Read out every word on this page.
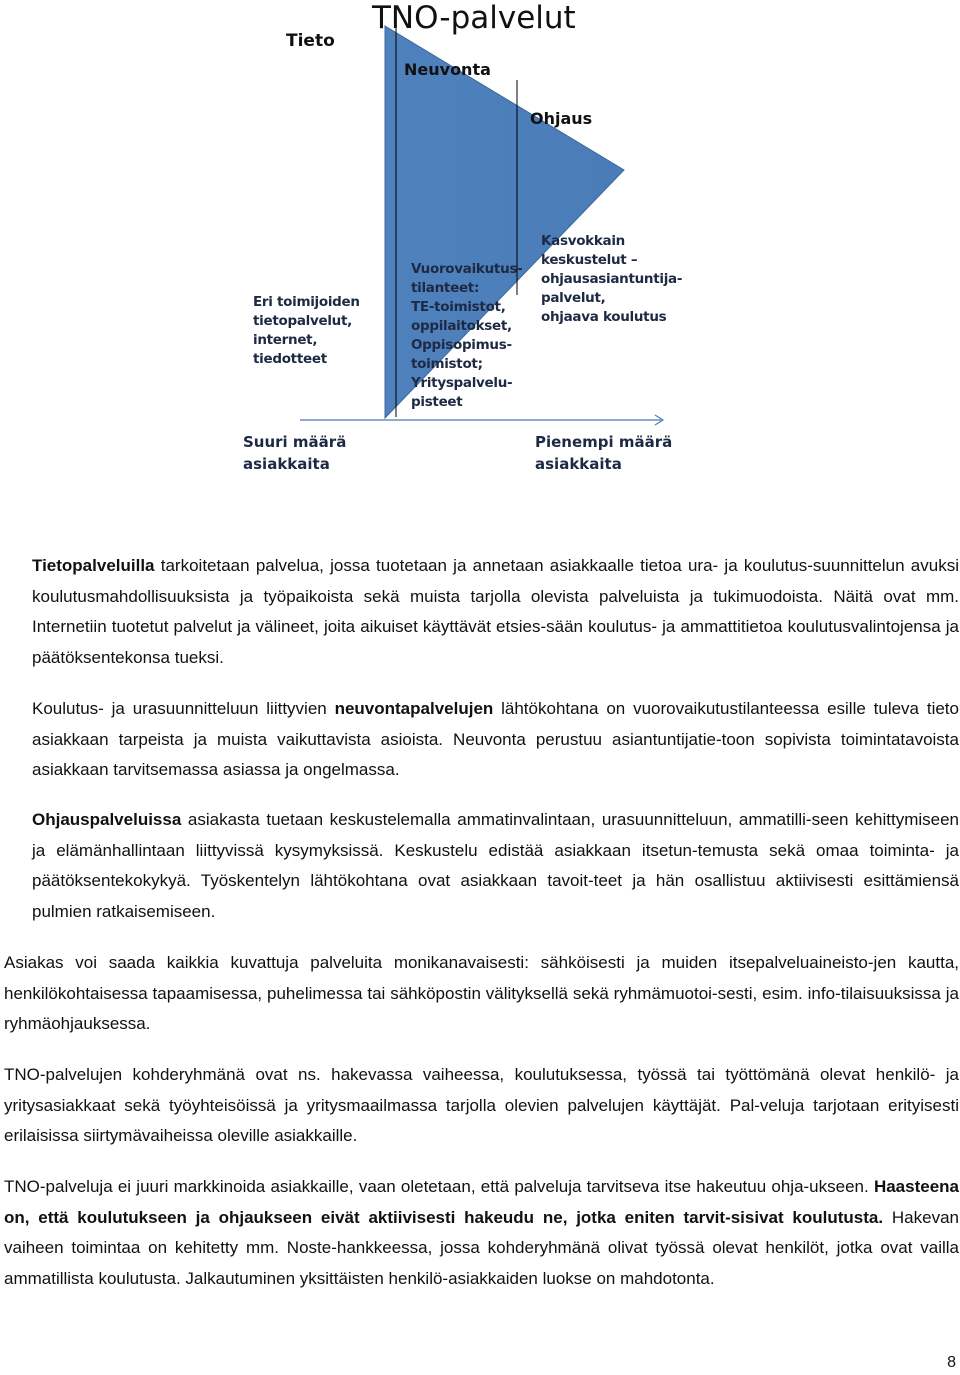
TNO-palvelut
Tieto
Neuvonta
Ohjaus
Eri toimijoiden
tietopalvelut,
internet,
tiedotteet
Vuorovaikutus-
tilanteet:
TE-toimistot,
oppilaitokset,
Oppisopimus-
toimistot;
Yrityspalvelu-
pisteet
Kasvokkain
keskustelut –
ohjausasiantuntija-
palvelut,
ohjaava koulutus
Suuri määrä
asiakkaita
Pienempi määrä
asiakkaita

Tietopalveluilla tarkoitetaan palvelua, jossa tuotetaan ja annetaan asiakkaalle tietoa ura- ja koulutus-suunnittelun avuksi koulutusmahdollisuuksista ja työpaikoista sekä muista tarjolla olevista palveluista ja tukimuodoista. Näitä ovat mm. Internetiin tuotetut palvelut ja välineet, joita aikuiset käyttävät etsies-sään koulutus- ja ammattitietoa koulutusvalintojensa ja päätöksentekonsa tueksi.

Koulutus- ja urasuunnitteluun liittyvien neuvontapalvelujen lähtökohtana on vuorovaikutustilanteessa esille tuleva tieto asiakkaan tarpeista ja muista vaikuttavista asioista. Neuvonta perustuu asiantuntijatie-toon sopivista toimintatavoista asiakkaan tarvitsemassa asiassa ja ongelmassa.

Ohjauspalveluissa asiakasta tuetaan keskustelemalla ammatinvalintaan, urasuunnitteluun, ammatilli-seen kehittymiseen ja elämänhallintaan liittyvissä kysymyksissä. Keskustelu edistää asiakkaan itsetun-temusta sekä omaa toiminta- ja päätöksentekokykyä. Työskentelyn lähtökohtana ovat asiakkaan tavoit-teet ja hän osallistuu aktiivisesti esittämiensä pulmien ratkaisemiseen.

Asiakas voi saada kaikkia kuvattuja palveluita monikanavaisesti: sähköisesti ja muiden itsepalveluaineisto-jen kautta, henkilökohtaisessa tapaamisessa, puhelimessa tai sähköpostin välityksellä sekä ryhmämuotoi-sesti, esim. info-tilaisuuksissa ja ryhmäohjauksessa.

TNO-palvelujen kohderyhmänä ovat ns. hakevassa vaiheessa, koulutuksessa, työssä tai työttömänä olevat henkilö- ja yritysasiakkaat sekä työyhteisöissä ja yritysmaailmassa tarjolla olevien palvelujen käyttäjät. Pal-veluja tarjotaan erityisesti erilaisissa siirtymävaiheissa oleville asiakkaille.

TNO-palveluja ei juuri markkinoida asiakkaille, vaan oletetaan, että palveluja tarvitseva itse hakeutuu ohja-ukseen. Haasteena on, että koulutukseen ja ohjaukseen eivät aktiivisesti hakeudu ne, jotka eniten tarvit-sisivat koulutusta. Hakevan vaiheen toimintaa on kehitetty mm. Noste-hankkeessa, jossa kohderyhmänä olivat työssä olevat henkilöt, jotka ovat vailla ammatillista koulutusta. Jalkautuminen yksittäisten henkilö-asiakkaiden luokse on mahdotonta.

8
